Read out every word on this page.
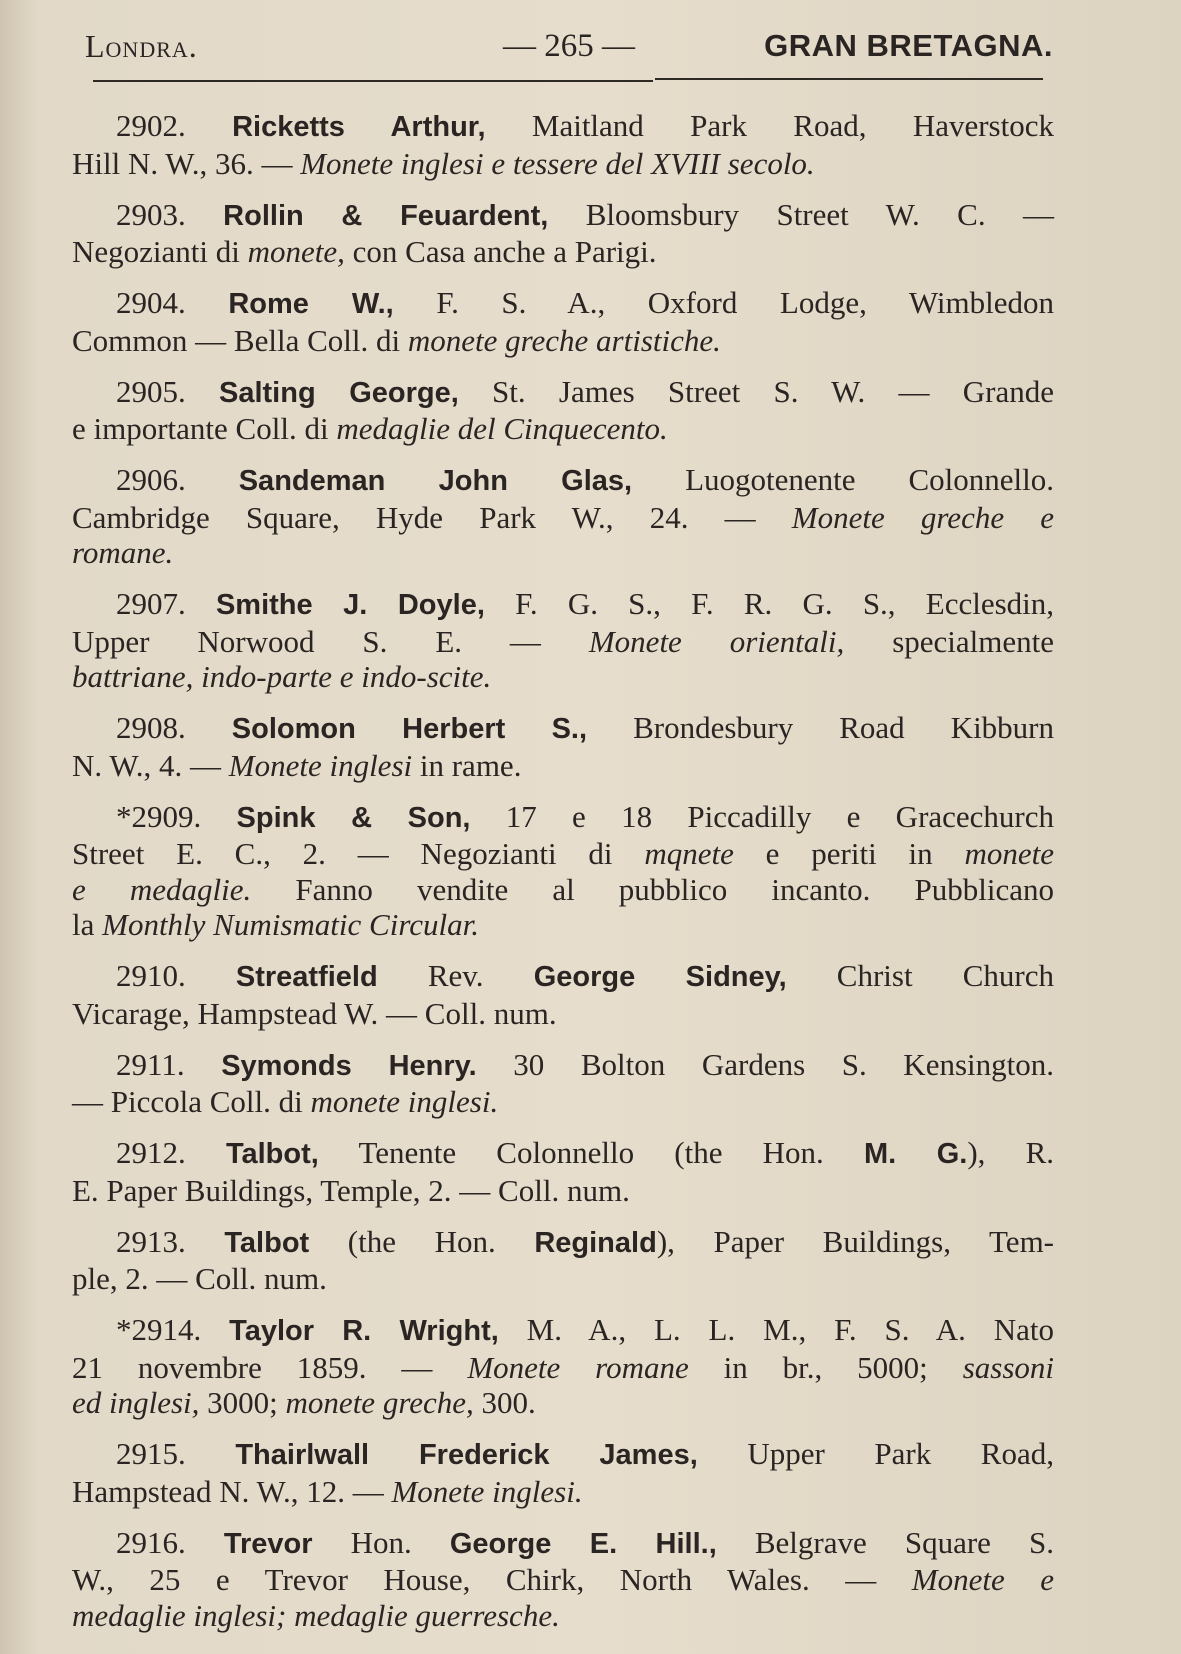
Londra.	— 265 —	GRAN BRETAGNA.
2902. Ricketts Arthur, Maitland Park Road, Haverstock
Hill N. W., 36. — Monete inglesi e tessere del XVIII secolo.
2903. Rollin & Feuardent, Bloomsbury Street W. C. —
Negozianti di monete, con Casa anche a Parigi.
2904. Rome W., F. S. A., Oxford Lodge, Wimbledon
Common — Bella Coll. di monete greche artistiche.
2905. Salting George, St. James Street S. W. — Grande
e importante Coll. di medaglie del Cinquecento.
2906. Sandeman John Glas, Luogotenente Colonnello.
Cambridge Square, Hyde Park W., 24. — Monete greche e
romane.
2907. Smithe J. Doyle, F. G. S., F. R. G. S., Ecclesdin,
Upper Norwood S. E. — Monete orientali, specialmente
battriane, indo-parte e indo-scite.
2908. Solomon Herbert S., Brondesbury Road Kibburn
N. W., 4. — Monete inglesi in rame.
*2909. Spink & Son, 17 e 18 Piccadilly e Gracechurch
Street E. C., 2. — Negozianti di mqnete e periti in monete
e medaglie. Fanno vendite al pubblico incanto. Pubblicano
la Monthly Numismatic Circular.
2910. Streatfield Rev. George Sidney, Christ Church
Vicarage, Hampstead W. — Coll. num.
2911. Symonds Henry. 30 Bolton Gardens S. Kensington.
— Piccola Coll. di monete inglesi.
2912. Talbot, Tenente Colonnello (the Hon. M. G.), R.
E. Paper Buildings, Temple, 2. — Coll. num.
2913. Talbot (the Hon. Reginald), Paper Buildings, Tem-
ple, 2. — Coll. num.
*2914. Taylor R. Wright, M. A., L. L. M., F. S. A. Nato
21 novembre 1859. — Monete romane in br., 5000; sassoni
ed inglesi, 3000; monete greche, 300.
2915. Thairlwall Frederick James, Upper Park Road,
Hampstead N. W., 12. — Monete inglesi.
2916. Trevor Hon. George E. Hill., Belgrave Square S.
W., 25 e Trevor House, Chirk, North Wales. — Monete e
medaglie inglesi; medaglie guerresche.
